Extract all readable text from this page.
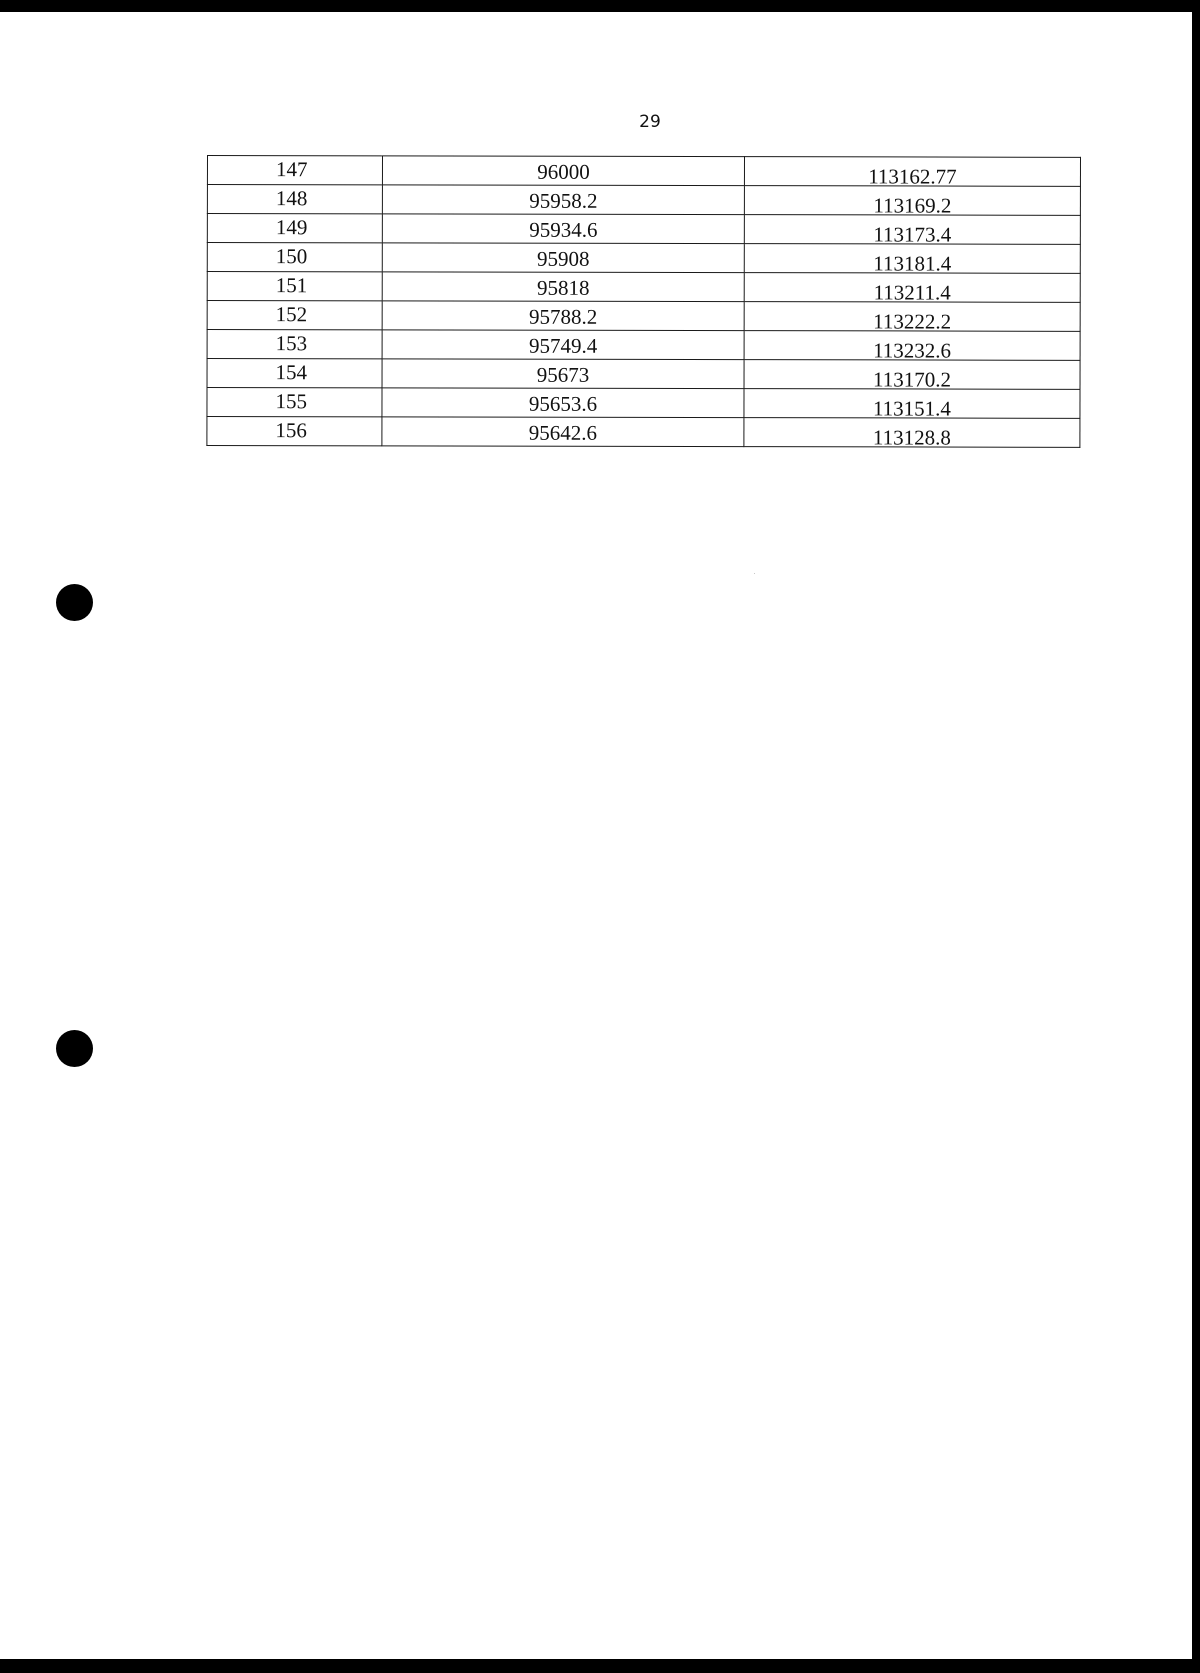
29
147	96000	113162.77
148	95958.2	113169.2
149	95934.6	113173.4
150	95908	113181.4
151	95818	113211.4
152	95788.2	113222.2
153	95749.4	113232.6
154	95673	113170.2
155	95653.6	113151.4
156	95642.6	113128.8
